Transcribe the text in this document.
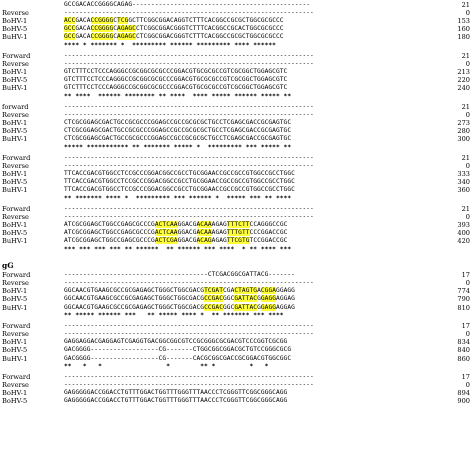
GCCGACACCGGGGCAGAG-----------------------------------------------	21
Reverse	------------------------------------------------------------------	0
BoHV-1	ACCGACACCGGGGCTCGGCTTCGGCGGACAGGTCTTTCACGGCCGCGCTGGCGCGCCC	153
BoHV-5	GCCGACACCGGGGCAGAGCCTCGGCGGACGGGTCTTTCACGGCCGCACTGGCGCGCCC	160
BuHV-1	GCCGACACCGGGGCAGAGCCTCGGCGGACGGGTCTTTCACGGCCGCGCTGGCGCGCCC	180
**** * ******* *  ********* ****** ********* **** ******
Forward	------------------------------------------------------------------	21
Reverse	------------------------------------------------------------------	0
BoHV-1	GTCTTTCCTCCCAGGGCCGCGGCGCGCCCGGACGTGCGCGCCGTCGCGGCTGGAGCGTC	213
BoHV-5	GTCTTTCCTCCCAGGGCCGCGGCGCGCCCGGACGTGCGCGCCGTCGCGGCTGGAGCGTC	220
BuHV-1	GTCTTTCCTCCCAGGGCCGCGGCGCGCCCGGACGTGCGCGCCGTCGCGGCTGGAGCGTC	240
** ****  ****** ******** ** ****  **** ***** ****** ***** **
forward	------------------------------------------------------------------	21
Reverse	------------------------------------------------------------------	0
BoHV-1	CTCGCGGAGCGACTGCCGCGCCCGGAGCCGCCGCGCGCTGCCTCGAGCGACCGCGAGTGC	273
BoHV-5	CTCGCGGAGCGACTGCCGCGCCCGGAGCCGCCGCGCGCTGCCTCGAGCGACCGCGAGTGC	280
BuHV-1	CTCGCGGAGCGACTGCCGCGCCCGGAGCCGCCGCGCGCTGCCTCGAGCGACCGCGAGTGC	300
***** *********** ** ******* ***** *  ********* *** ***** **
Forward	------------------------------------------------------------------	21
Reverse	------------------------------------------------------------------	0
BoHV-1	TTCACCGACGTGGCCTCCGCCCGGACGGCCGCCTGCGGAACCGCCGCCGTGGCCGCCTGGC	333
BoHV-5	TTCACCGACGTGGCCTCCGCCCGGACGGCCGCCTGCGGAACCGCCGCCGTGGCCGCCTGGC	340
BuHV-1	TTCACCGACGTGGCCTCCGCCCGGACGGCCGCCTGCGGAACCGCCGCCGTGGCCGCCTGGC	360
** ******* **** *  ********* *** ****** *  ***** *** ** ****
Forward	------------------------------------------------------------------	21
Reverse	------------------------------------------------------------------	0
BoHV-1	ATCGCGGAGCTGGCCGAGCGCCCGACTCAAGGACGACAAAGAGTTTCTTCCAGGGCCGC	393
BoHV-5	ATCGCGGAGCTGGCCGAGCGCCCGACTCAAGGACGACAAAGAGTTTGTTCCCGGACCGC	400
BuHV-1	ATCGCGGAGCTGGCCGAGCGCCCGACTCGAGGACGACAGAGAGTTCGTGTCCGGACCGC	420
*** *** *** *** ** ******  ** ****** *** ****  * ** **** ***
gG
Forward	--------------------------------------CTCGACGGCGATTACG-------	17
Reverse	------------------------------------------------------------------	0
BoHV-1	GGCAACGTGAAGCGCCGCGAGAGCTGGGCTGGCGACGTCGATCGACTAGTGACGGAGGAGG	774
BoHV-5	GGCAACGTGAAGCGCCGCGAGAGCTGGGCTGGCGACGCCGACGGCGATTACGGAGGAGGAG	790
BuHV-1	GGCAACGTGAAGCGCCGCGAGAGCTGGGCTGGCGACGCCGACGGCGATTACGGAGGAGGAG	810
** ***** ****** ***   ** ***** **** *  ** ******* *** ****
Forward	------------------------------------------------------------------	17
Reverse	------------------------------------------------------------------	0
BoHV-1	GAGGAGGACGAGGAGTCGAGGTGACGGCGGCGTCCGCGGGCGCGACGTCCCGGTCGCGG	834
BoHV-5	GACGGGG------------------CG-------CTGGCGGCGGACGCTGTCCGGGCGCG	840
BuHV-1	GACGGGG------------------CG-------CACGCGGCGACCGCGGACGTGGCGGC	860
**   *   *                 *        ** *         *   *
Forward	------------------------------------------------------------------	17
Reverse	------------------------------------------------------------------	0
BoHV-1	GAGGGGGACCGGACCTGTTTGGACTGGTTTGGGTTTAACCCTCGGGTTCGGCGGGCAGG	894
BoHV-5	GAGGGGGACCGGACCTGTTTGGACTGGTTTGGGTTTAACCCTCGGGTTCGGCGGGCAGG	900
